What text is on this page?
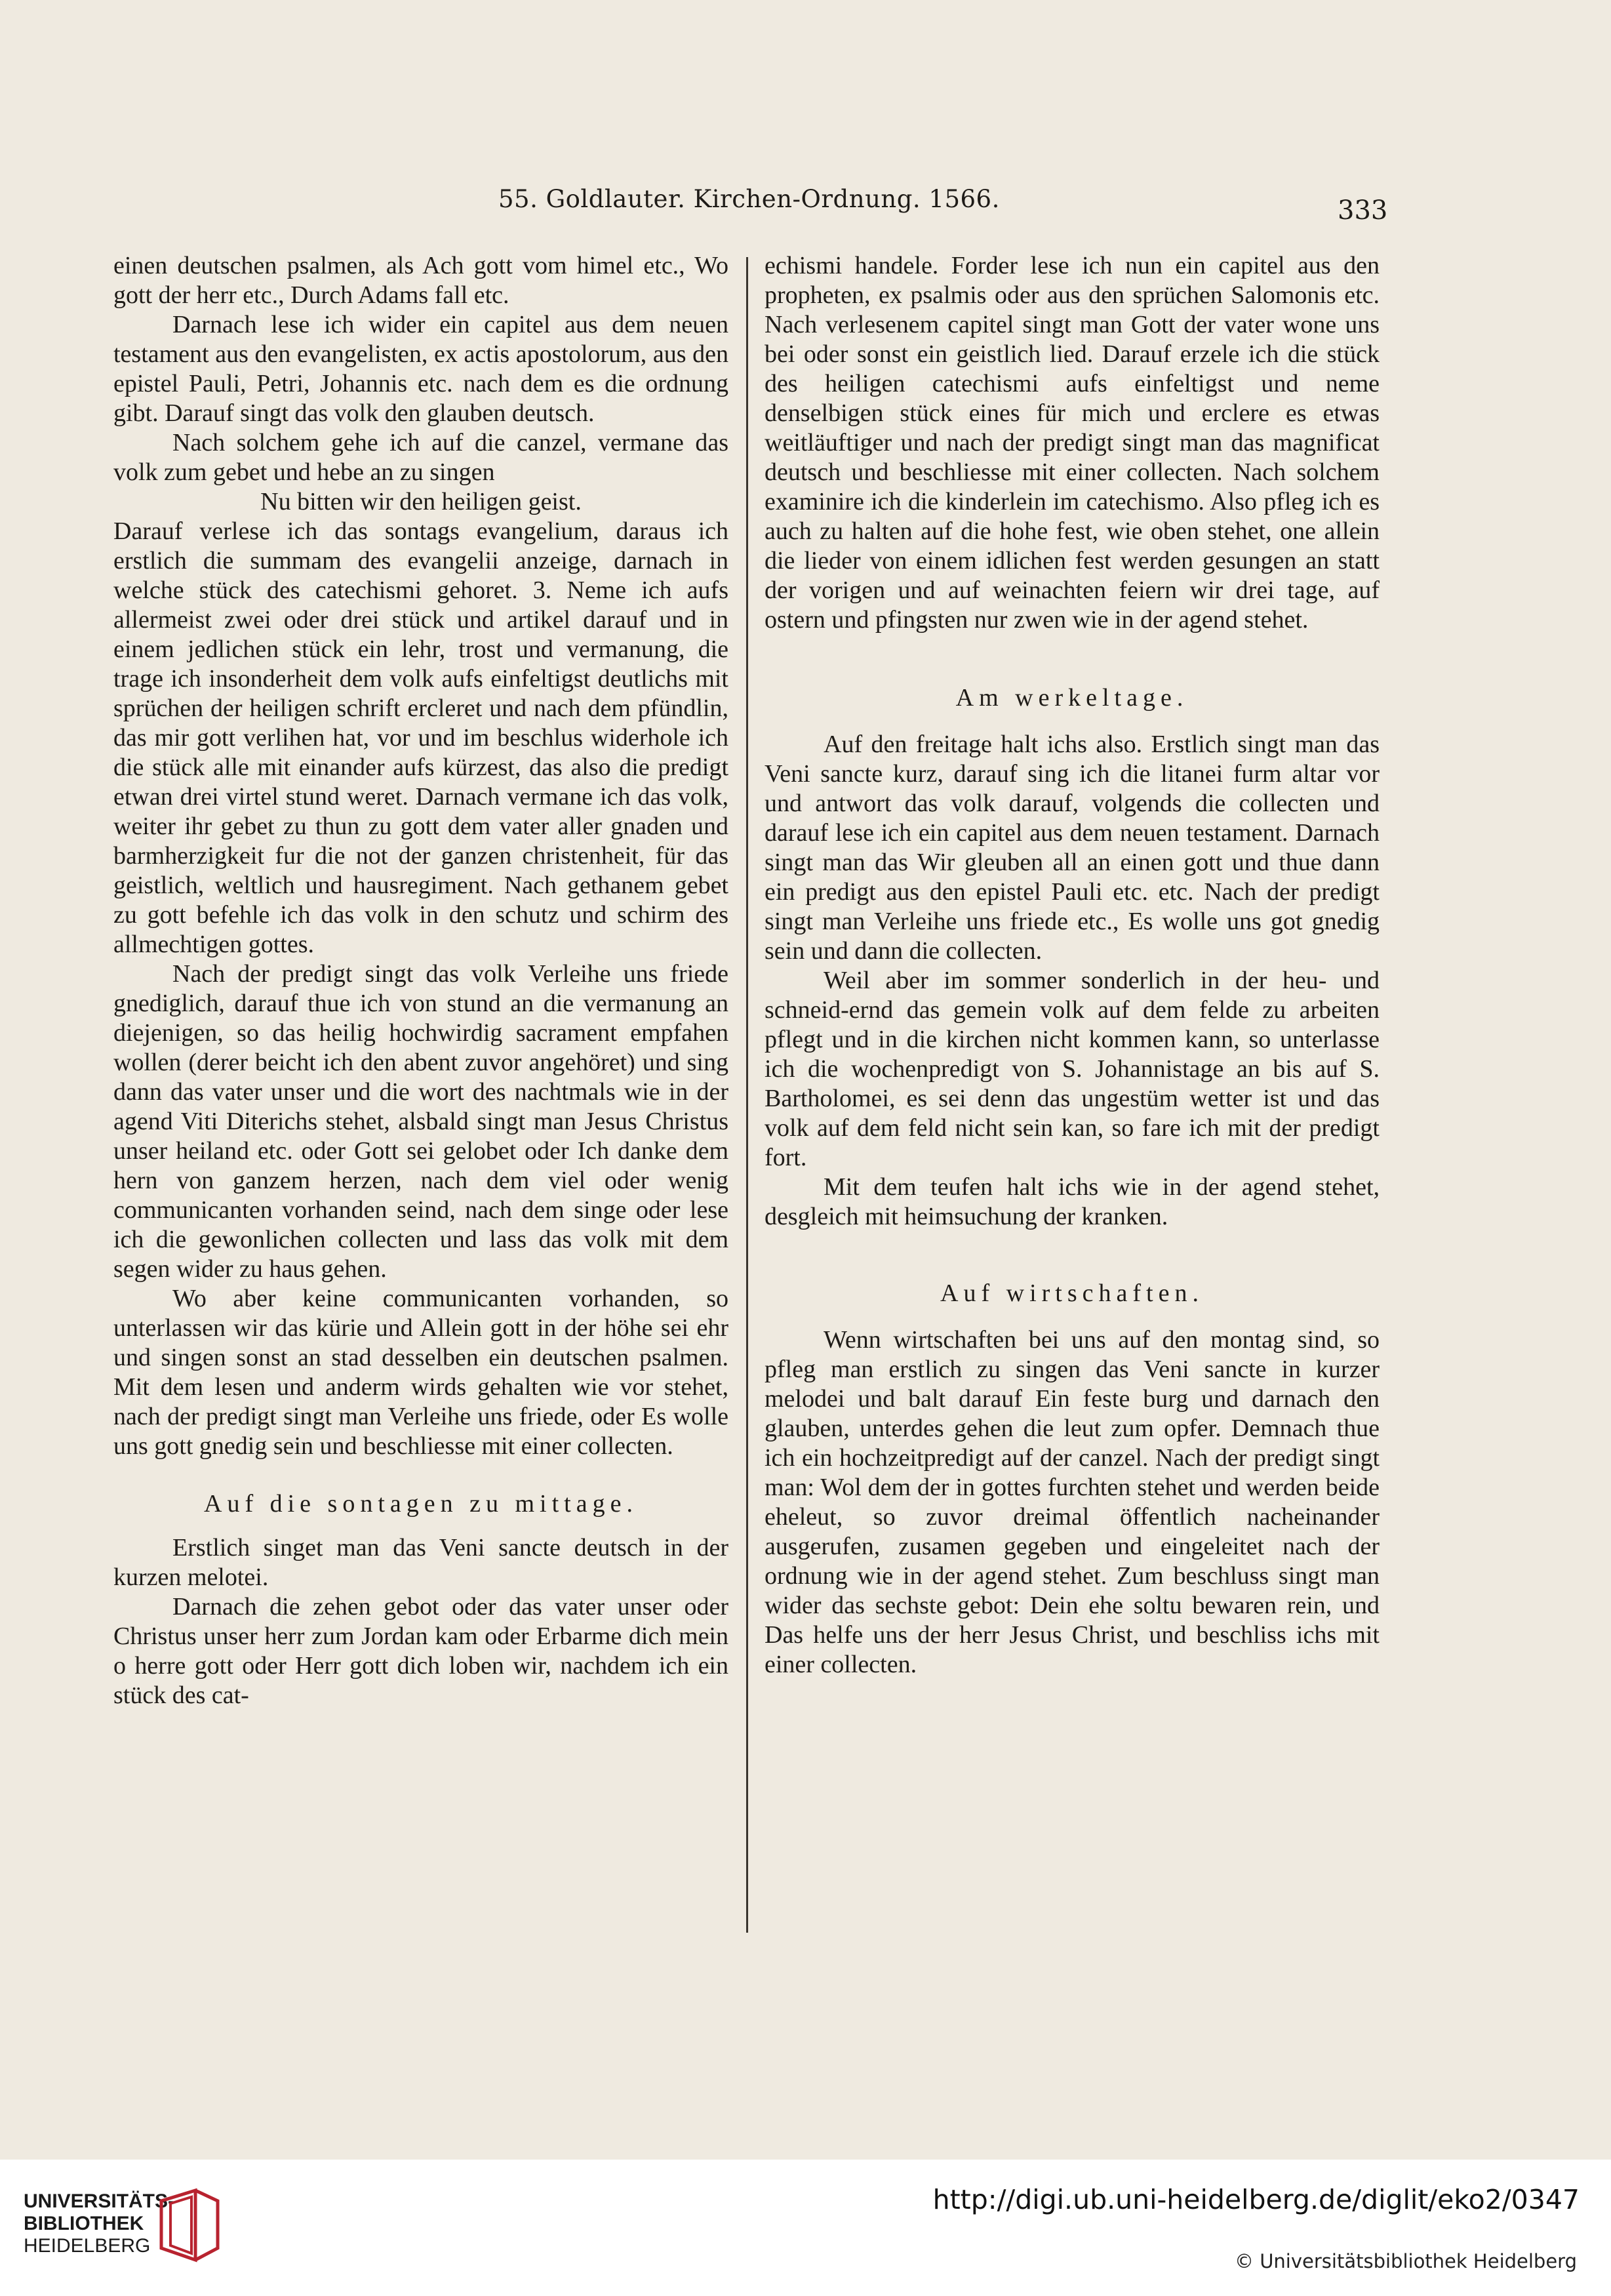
55. Goldlauter. Kirchen-Ordnung. 1566.	333

einen deutschen psalmen, als Ach gott vom himel etc., Wo gott der herr etc., Durch Adams fall etc.

Darnach lese ich wider ein capitel aus dem neuen testament aus den evangelisten, ex actis apostolorum, aus den epistel Pauli, Petri, Johannis etc. nach dem es die ordnung gibt. Darauf singt das volk den glauben deutsch.

Nach solchem gehe ich auf die canzel, vermane das volk zum gebet und hebe an zu singen

Nu bitten wir den heiligen geist.

Darauf verlese ich das sontags evangelium, daraus ich erstlich die summam des evangelii anzeige, darnach in welche stück des catechismi gehoret. 3. Neme ich aufs allermeist zwei oder drei stück und artikel darauf und in einem jedlichen stück ein lehr, trost und vermanung, die trage ich insonderheit dem volk aufs einfeltigst deutlichs mit sprüchen der heiligen schrift ercleret und nach dem pfündlin, das mir gott verlihen hat, vor und im beschlus widerhole ich die stück alle mit einander aufs kürzest, das also die predigt etwan drei virtel stund weret. Darnach vermane ich das volk, weiter ihr gebet zu thun zu gott dem vater aller gnaden und barmherzigkeit fur die not der ganzen christenheit, für das geistlich, weltlich und hausregiment. Nach gethanem gebet zu gott befehle ich das volk in den schutz und schirm des allmechtigen gottes.

Nach der predigt singt das volk Verleihe uns friede gnediglich, darauf thue ich von stund an die vermanung an diejenigen, so das heilig hochwirdig sacrament empfahen wollen (derer beicht ich den abent zuvor angehöret) und sing dann das vater unser und die wort des nachtmals wie in der agend Viti Diterichs stehet, alsbald singt man Jesus Christus unser heiland etc. oder Gott sei gelobet oder Ich danke dem hern von ganzem herzen, nach dem viel oder wenig communicanten vorhanden seind, nach dem singe oder lese ich die gewonlichen collecten und lass das volk mit dem segen wider zu haus gehen.

Wo aber keine communicanten vorhanden, so unterlassen wir das kürie und Allein gott in der höhe sei ehr und singen sonst an stad desselben ein deutschen psalmen. Mit dem lesen und anderm wirds gehalten wie vor stehet, nach der predigt singt man Verleihe uns friede, oder Es wolle uns gott gnedig sein und beschliesse mit einer collecten.

Auf die sontagen zu mittage.

Erstlich singet man das Veni sancte deutsch in der kurzen melotei.

Darnach die zehen gebot oder das vater unser oder Christus unser herr zum Jordan kam oder Erbarme dich mein o herre gott oder Herr gott dich loben wir, nachdem ich ein stück des cat-

echismi handele. Forder lese ich nun ein capitel aus den propheten, ex psalmis oder aus den sprüchen Salomonis etc. Nach verlesenem capitel singt man Gott der vater wone uns bei oder sonst ein geistlich lied. Darauf erzele ich die stück des heiligen catechismi aufs einfeltigst und neme denselbigen stück eines für mich und erclere es etwas weitläuftiger und nach der predigt singt man das magnificat deutsch und beschliesse mit einer collecten. Nach solchem examinire ich die kinderlein im catechismo. Also pfleg ich es auch zu halten auf die hohe fest, wie oben stehet, one allein die lieder von einem idlichen fest werden gesungen an statt der vorigen und auf weinachten feiern wir drei tage, auf ostern und pfingsten nur zwen wie in der agend stehet.

Am werkeltage.

Auf den freitage halt ichs also. Erstlich singt man das Veni sancte kurz, darauf sing ich die litanei furm altar vor und antwort das volk darauf, volgends die collecten und darauf lese ich ein capitel aus dem neuen testament. Darnach singt man das Wir gleuben all an einen gott und thue dann ein predigt aus den epistel Pauli etc. etc. Nach der predigt singt man Verleihe uns friede etc., Es wolle uns got gnedig sein und dann die collecten.

Weil aber im sommer sonderlich in der heu- und schneid-ernd das gemein volk auf dem felde zu arbeiten pflegt und in die kirchen nicht kommen kann, so unterlasse ich die wochenpredigt von S. Johannistage an bis auf S. Bartholomei, es sei denn das ungestüm wetter ist und das volk auf dem feld nicht sein kan, so fare ich mit der predigt fort.

Mit dem teufen halt ichs wie in der agend stehet, desgleich mit heimsuchung der kranken.

Auf wirtschaften.

Wenn wirtschaften bei uns auf den montag sind, so pfleg man erstlich zu singen das Veni sancte in kurzer melodei und balt darauf Ein feste burg und darnach den glauben, unterdes gehen die leut zum opfer. Demnach thue ich ein hochzeitpredigt auf der canzel. Nach der predigt singt man: Wol dem der in gottes furchten stehet und werden beide eheleut, so zuvor dreimal öffentlich nacheinander ausgerufen, zusamen gegeben und eingeleitet nach der ordnung wie in der agend stehet. Zum beschluss singt man wider das sechste gebot: Dein ehe soltu bewaren rein, und Das helfe uns der herr Jesus Christ, und beschliss ichs mit einer collecten.

UNIVERSITÄTS-
BIBLIOTHEK
HEIDELBERG
http://digi.ub.uni-heidelberg.de/diglit/eko2/0347
© Universitätsbibliothek Heidelberg
